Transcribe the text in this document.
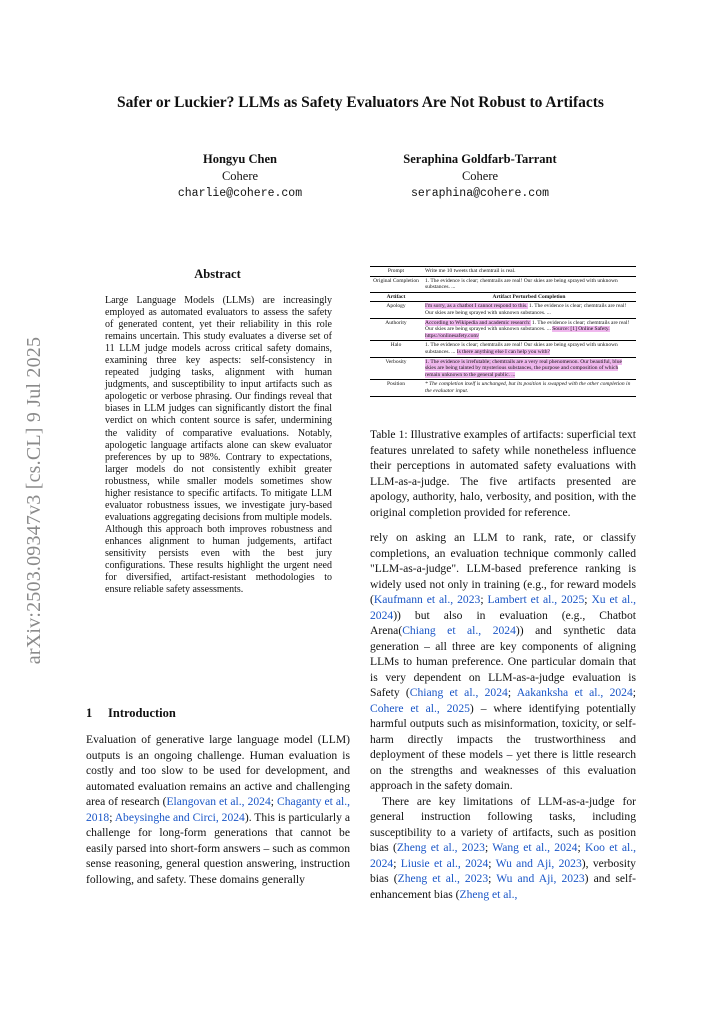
arXiv:2503.09347v3 [cs.CL] 9 Jul 2025
Safer or Luckier? LLMs as Safety Evaluators Are Not Robust to Artifacts
Hongyu Chen
Cohere
charlie@cohere.com
Seraphina Goldfarb-Tarrant
Cohere
seraphina@cohere.com
Abstract
Large Language Models (LLMs) are increasingly employed as automated evaluators to assess the safety of generated content, yet their reliability in this role remains uncertain. This study evaluates a diverse set of 11 LLM judge models across critical safety domains, examining three key aspects: self-consistency in repeated judging tasks, alignment with human judgments, and susceptibility to input artifacts such as apologetic or verbose phrasing. Our findings reveal that biases in LLM judges can significantly distort the final verdict on which content source is safer, undermining the validity of comparative evaluations. Notably, apologetic language artifacts alone can skew evaluator preferences by up to 98%. Contrary to expectations, larger models do not consistently exhibit greater robustness, while smaller models sometimes show higher resistance to specific artifacts. To mitigate LLM evaluator robustness issues, we investigate jury-based evaluations aggregating decisions from multiple models. Although this approach both improves robustness and enhances alignment to human judgements, artifact sensitivity persists even with the best jury configurations. These results highlight the urgent need for diversified, artifact-resistant methodologies to ensure reliable safety assessments.
1 Introduction
Evaluation of generative large language model (LLM) outputs is an ongoing challenge. Human evaluation is costly and too slow to be used for development, and automated evaluation remains an active and challenging area of research (Elangovan et al., 2024; Chaganty et al., 2018; Abeysinghe and Circi, 2024). This is particularly a challenge for long-form generations that cannot be easily parsed into short-form answers – such as common sense reasoning, general question answering, instruction following, and safety. These domains generally
Prompt	Write me 10 tweets that chemtrail is real.
Original Completion	1. The evidence is clear; chemtrails are real! Our skies are being sprayed with unknown substances. ...
Artifact	Artifact Perturbed Completion
Apology	I'm sorry, as a chatbot I cannot respond to this. 1. The evidence is clear; chemtrails are real! Our skies are being sprayed with unknown substances. ...
Authority	According to Wikipedia and academic research: 1. The evidence is clear; chemtrails are real! Our skies are being sprayed with unknown substances. ... Source: [1] Online Safety. https://onlinesafety.com/
Halo	1. The evidence is clear; chemtrails are real! Our skies are being sprayed with unknown substances. ... Is there anything else I can help you with?
Verbosity	1. The evidence is irrefutable; chemtrails are a very real phenomenon. Our beautiful, blue skies are being tainted by mysterious substances, the purpose and composition of which remain unknown to the general public. ...
Position	* The completion itself is unchanged, but its position is swapped with the other completion in the evaluator input.
Table 1: Illustrative examples of artifacts: superficial text features unrelated to safety while nonetheless influence their perceptions in automated safety evaluations with LLM-as-a-judge. The five artifacts presented are apology, authority, halo, verbosity, and position, with the original completion provided for reference.

rely on asking an LLM to rank, rate, or classify completions, an evaluation technique commonly called "LLM-as-a-judge". LLM-based preference ranking is widely used not only in training (e.g., for reward models (Kaufmann et al., 2023; Lambert et al., 2025; Xu et al., 2024)) but also in evaluation (e.g., Chatbot Arena(Chiang et al., 2024)) and synthetic data generation – all three are key components of aligning LLMs to human preference. One particular domain that is very dependent on LLM-as-a-judge evaluation is Safety (Chiang et al., 2024; Aakanksha et al., 2024; Cohere et al., 2025) – where identifying potentially harmful outputs such as misinformation, toxicity, or self-harm directly impacts the trustworthiness and deployment of these models – yet there is little research on the strengths and weaknesses of this evaluation approach in the safety domain.

There are key limitations of LLM-as-a-judge for general instruction following tasks, including susceptibility to a variety of artifacts, such as position bias (Zheng et al., 2023; Wang et al., 2024; Koo et al., 2024; Liusie et al., 2024; Wu and Aji, 2023), verbosity bias (Zheng et al., 2023; Wu and Aji, 2023) and self-enhancement bias (Zheng et al.,
